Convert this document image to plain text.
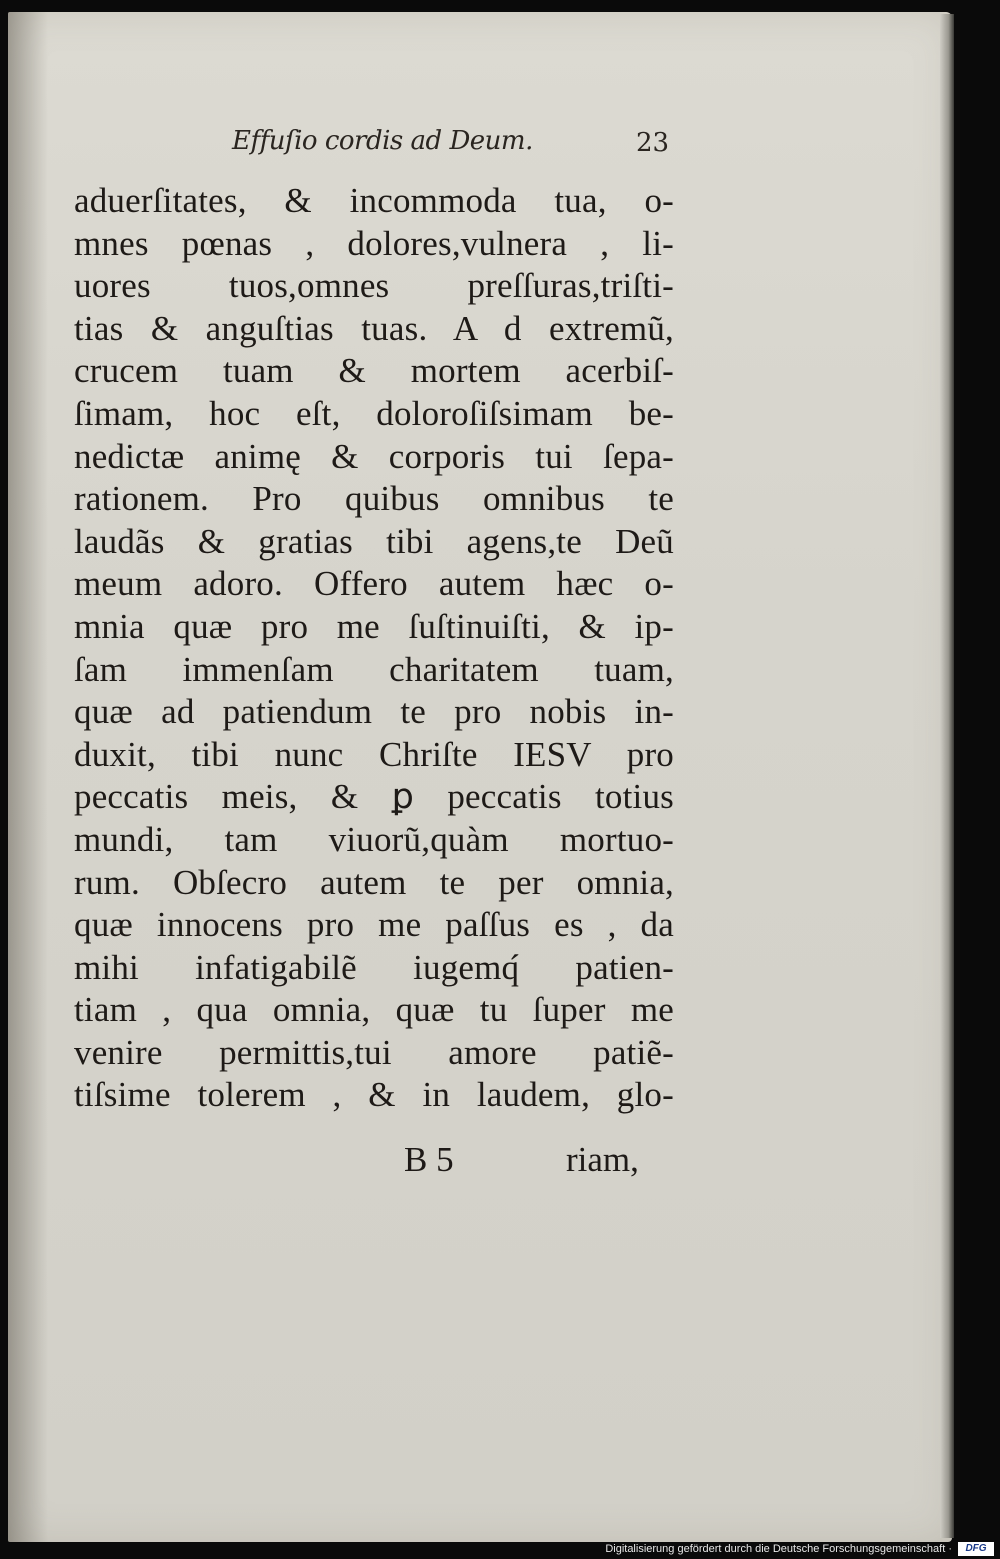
Effuſio cordis ad Deum.	23
aduerſitates, & incommoda tua, o-
mnes pœnas , dolores,vulnera , li-
uores tuos,omnes preſſuras,triſti-
tias & anguſtias tuas. A d extremũ,
crucem tuam & mortem acerbiſ-
ſimam, hoc eſt, doloroſiſsimam be-
nedictæ animę & corporis tui ſepa-
rationem. Pro quibus omnibus te
laudãs & gratias tibi agens,te Deũ
meum adoro. Offero autem hæc o-
mnia quæ pro me ſuſtinuiſti, & ip-
ſam immenſam charitatem tuam,
quæ ad patiendum te pro nobis in-
duxit, tibi nunc Chriſte IESV pro
peccatis meis, & ꝑ peccatis totius
mundi, tam viuorũ,quàm mortuo-
rum. Obſecro autem te per omnia,
quæ innocens pro me paſſus es , da
mihi infatigabilẽ iugemq́ patien-
tiam , qua omnia, quæ tu ſuper me
venire permittis,tui amore patiẽ-
tiſsime tolerem , & in laudem, glo-
B 5	riam,
Digitalisierung gefördert durch die Deutsche Forschungsgemeinschaft ·	DFG
